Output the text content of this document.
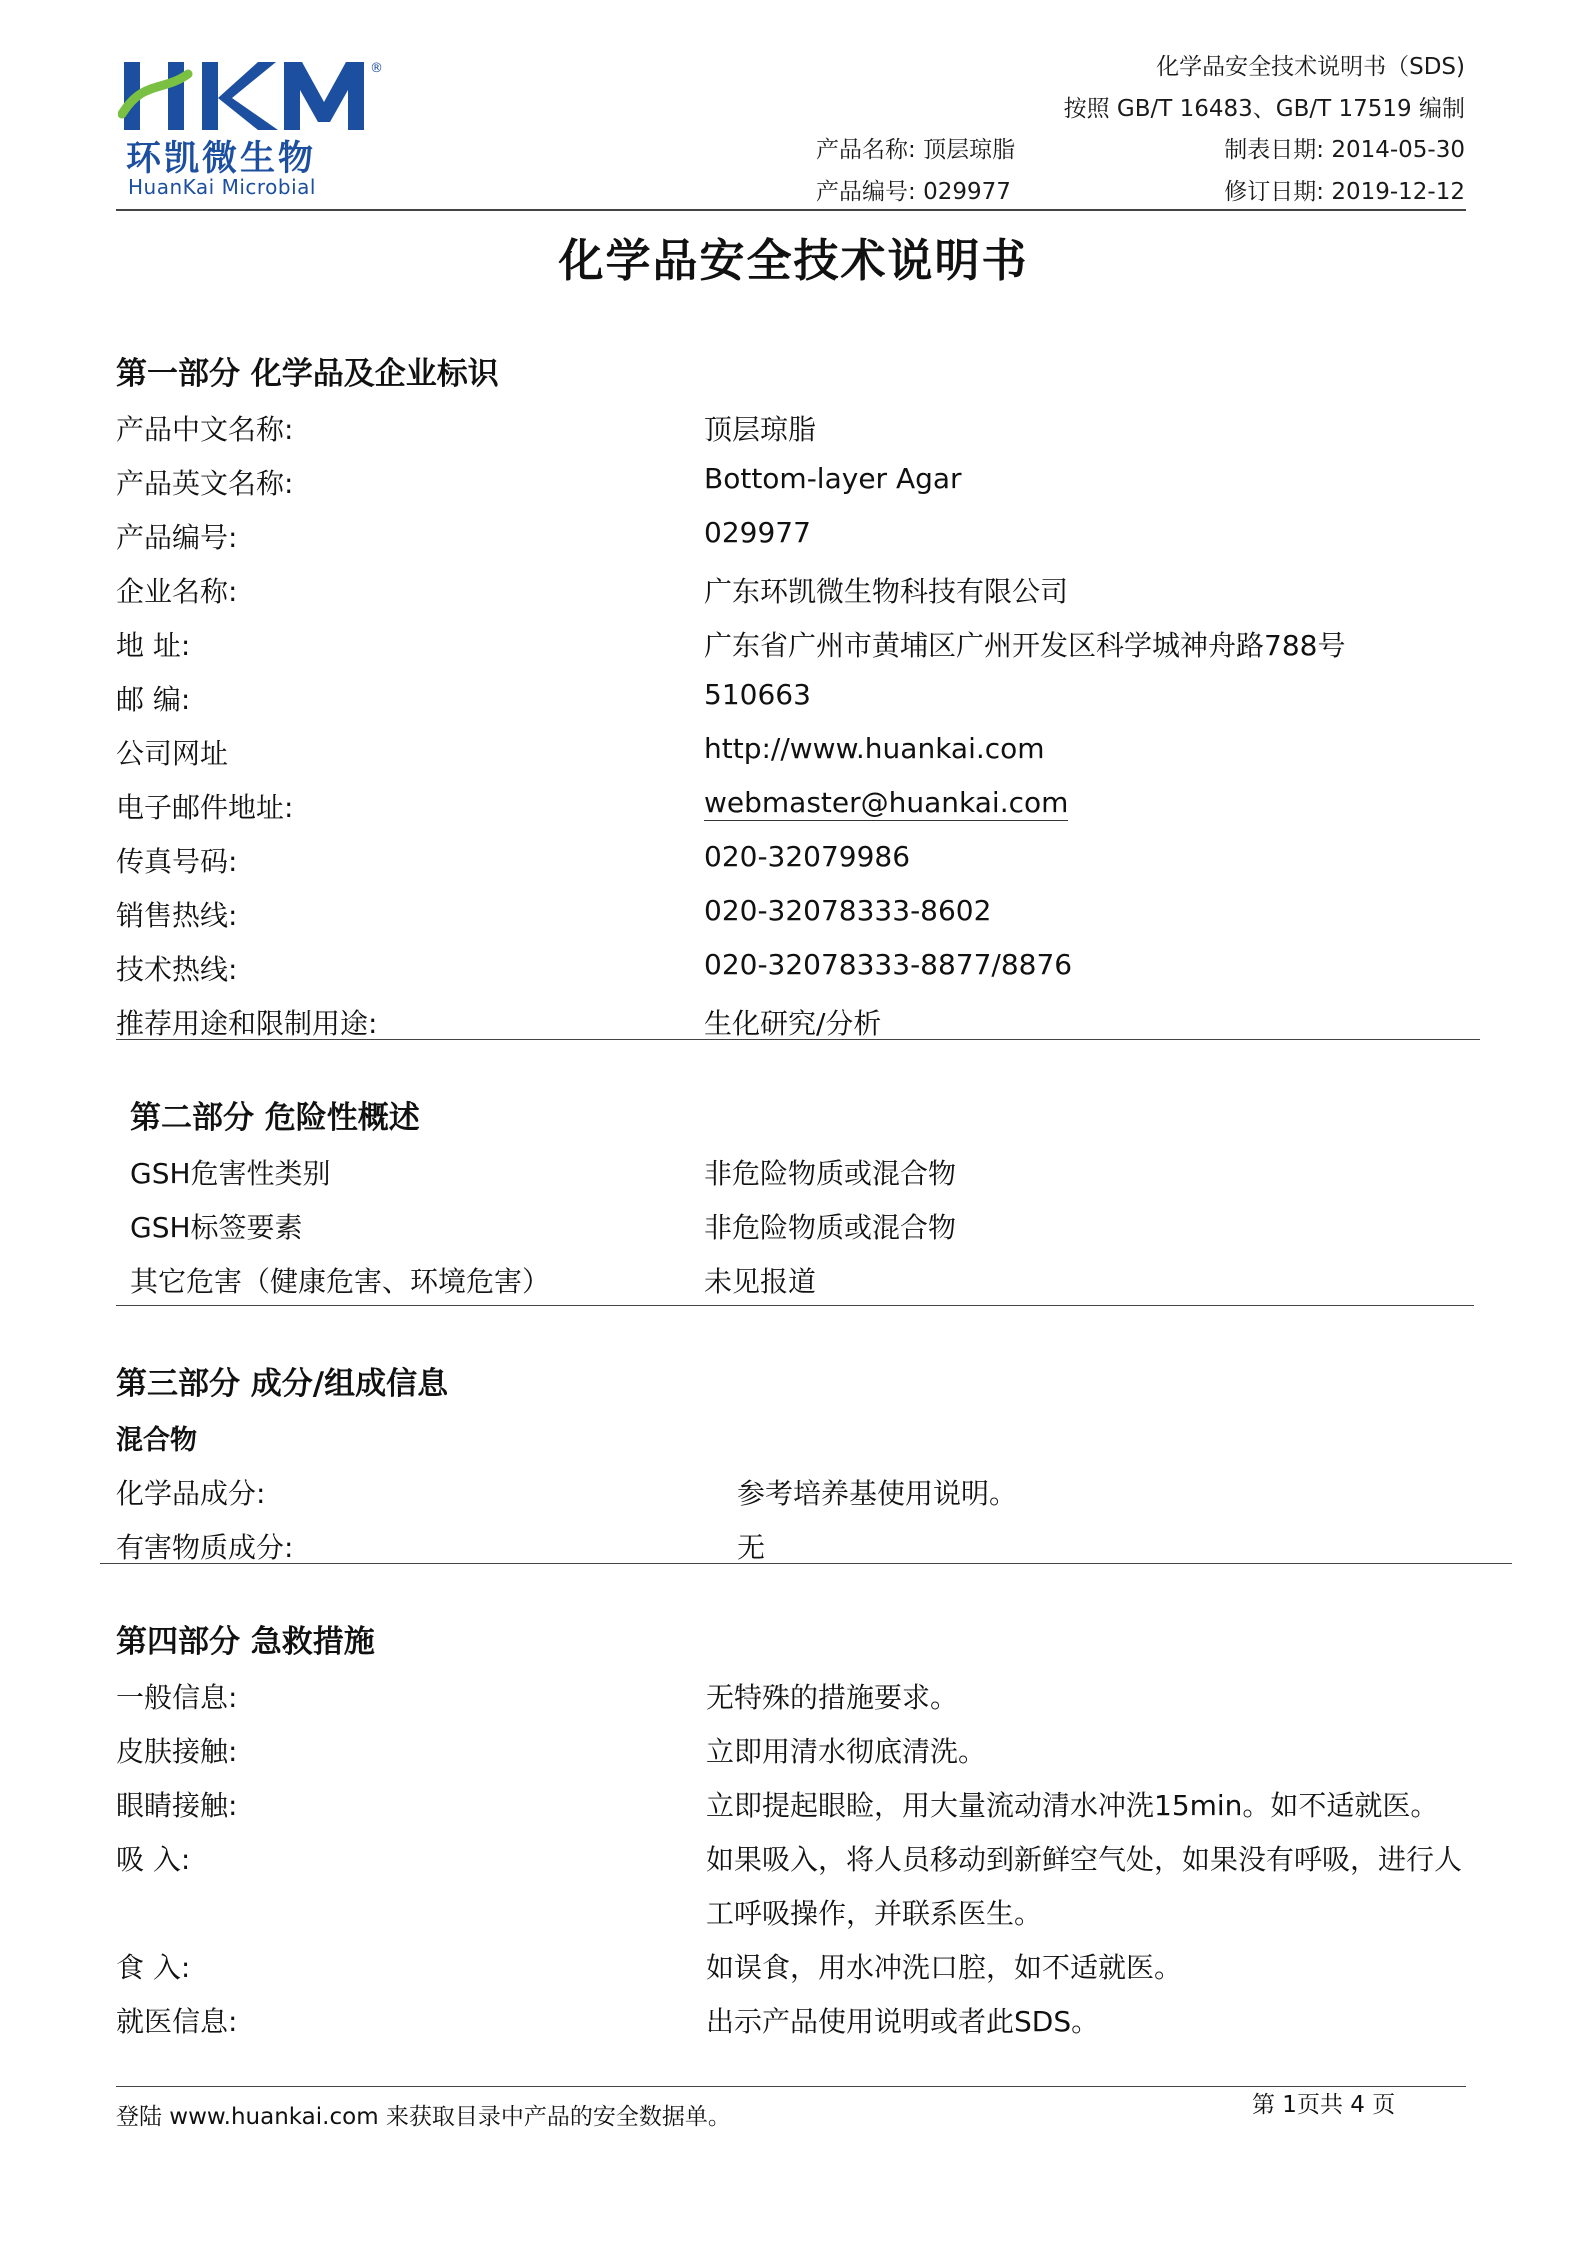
®
环凯微生物
HuanKai Microbial
化学品安全技术说明书（SDS)
按照 GB/T 16483、GB/T 17519 编制
产品名称: 顶层琼脂
产品编号: 029977
制表日期: 2014-05-30
修订日期: 2019-12-12
化学品安全技术说明书
第一部分 化学品及企业标识
产品中文名称:	顶层琼脂
产品英文名称:	Bottom-layer Agar
产品编号:	029977
企业名称:	广东环凯微生物科技有限公司
地 址:	广东省广州市黄埔区广州开发区科学城神舟路788号
邮 编:	510663
公司网址	http://www.huankai.com
电子邮件地址:	webmaster@huankai.com
传真号码:	020-32079986
销售热线:	020-32078333-8602
技术热线:	020-32078333-8877/8876
推荐用途和限制用途:	生化研究/分析
第二部分 危险性概述
GSH危害性类别	非危险物质或混合物
GSH标签要素	非危险物质或混合物
其它危害（健康危害、环境危害）	未见报道
第三部分 成分/组成信息
混合物
化学品成分:	参考培养基使用说明。
有害物质成分:	无
第四部分 急救措施
一般信息:	无特殊的措施要求。
皮肤接触:	立即用清水彻底清洗。
眼睛接触:	立即提起眼睑，用大量流动清水冲洗15min。如不适就医。
吸 入:	如果吸入，将人员移动到新鲜空气处，如果没有呼吸，进行人
工呼吸操作，并联系医生。
食 入:	如误食，用水冲洗口腔，如不适就医。
就医信息:	出示产品使用说明或者此SDS。
登陆 www.huankai.com 来获取目录中产品的安全数据单。	第 1页共 4 页
